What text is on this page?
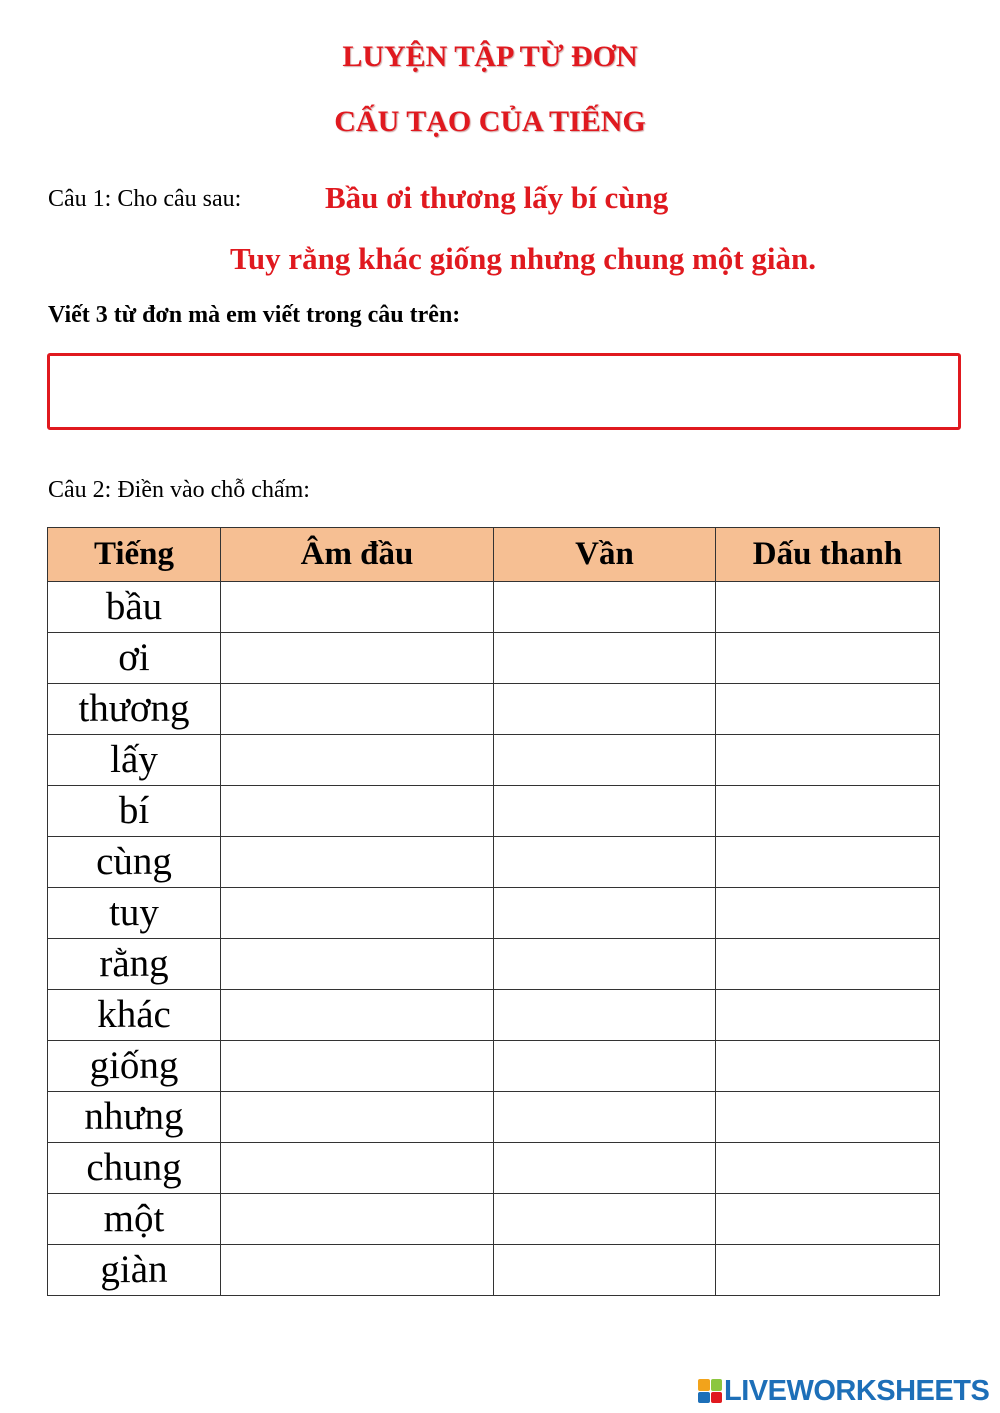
LUYỆN TẬP TỪ ĐƠN
CẤU TẠO CỦA TIẾNG
Câu 1: Cho câu sau:	Bầu ơi thương lấy bí cùng
Tuy rằng khác giống nhưng chung một giàn.
Viết 3 từ đơn mà em viết trong câu trên:
Câu 2: Điền vào chỗ chấm:
Tiếng	Âm đầu	Vần	Dấu thanh
bầu			
ơi			
thương			
lấy			
bí			
cùng			
tuy			
rằng			
khác			
giống			
nhưng			
chung			
một			
giàn			
LIVEWORKSHEETS
